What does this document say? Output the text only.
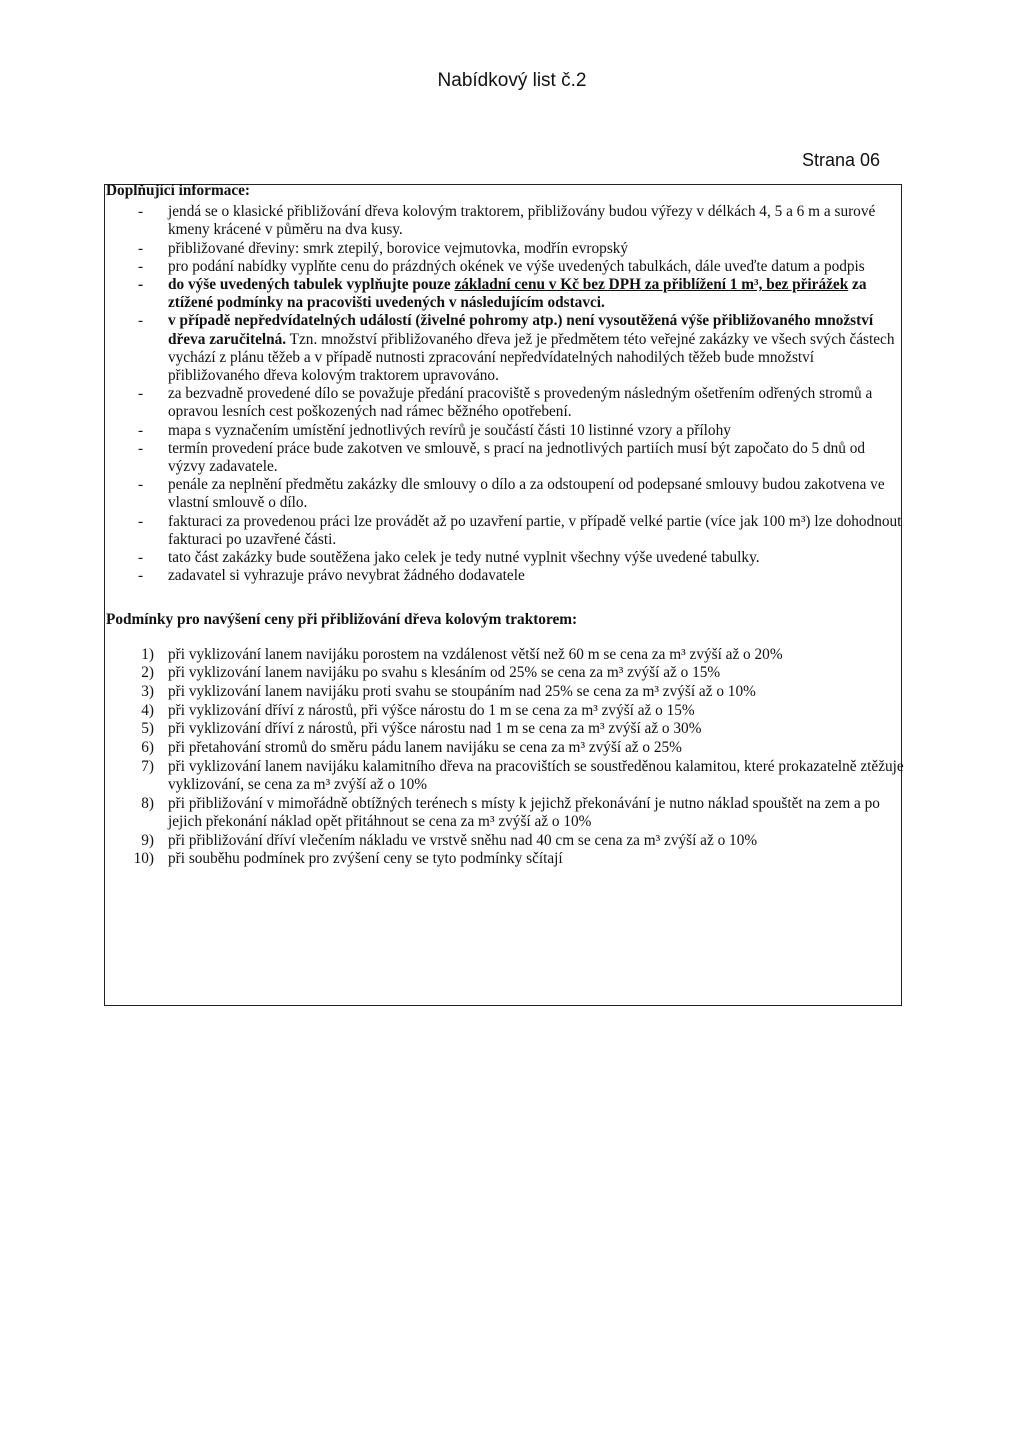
Nabídkový list č.2
Strana 06

Doplňující informace:

- jendá se o klasické přibližování dřeva kolovým traktorem, přibližovány budou výřezy v délkách 4, 5 a 6 m a surové kmeny krácené v půměru na dva kusy.
- přibližované dřeviny: smrk ztepilý, borovice vejmutovka, modřín evropský
- pro podání nabídky vyplňte cenu do prázdných okének ve výše uvedených tabulkách, dále uveďte datum a podpis
- do výše uvedených tabulek vyplňujte pouze základní cenu v Kč bez DPH za přiblížení 1 m³, bez přirážek za ztížené podmínky na pracovišti uvedených v následujícím odstavci.
- v případě nepředvídatelných událostí (živelné pohromy atp.) není vysoutěžená výše přibližovaného množství dřeva zaručitelná. Tzn. množství přibližovaného dřeva jež je předmětem této veřejné zakázky ve všech svých částech vychází z plánu těžeb a v případě nutnosti zpracování nepředvídatelných nahodilých těžeb bude množství přibližovaného dřeva kolovým traktorem upravováno.
- za bezvadně provedené dílo se považuje předání pracoviště s provedeným následným ošetřením odřených stromů a opravou lesních cest poškozených nad rámec běžného opotřebení.
- mapa s vyznačením umístění jednotlivých revírů je součástí části 10 listinné vzory a přílohy
- termín provedení práce bude zakotven ve smlouvě, s prací na jednotlivých partiích musí být započato do 5 dnů od výzvy zadavatele.
- penále za neplnění předmětu zakázky dle smlouvy o dílo a za odstoupení od podepsané smlouvy budou zakotvena ve vlastní smlouvě o dílo.
- fakturaci za provedenou práci lze provádět až po uzavření partie, v případě velké partie (více jak 100 m³) lze dohodnout fakturaci po uzavřené části.
- tato část zakázky bude soutěžena jako celek je tedy nutné vyplnit všechny výše uvedené tabulky.
- zadavatel si vyhrazuje právo nevybrat žádného dodavatele

Podmínky pro navýšení ceny při přibližování dřeva kolovým traktorem:

1) při vyklizování lanem navijáku porostem na vzdálenost větší než 60 m se cena za m³ zvýší až o 20%
2) při vyklizování lanem navijáku po svahu s klesáním od 25% se cena za m³ zvýší až o 15%
3) při vyklizování lanem navijáku proti svahu se stoupáním nad 25% se cena za m³ zvýší až o 10%
4) při vyklizování dříví z nárostů, při výšce nárostu do 1 m se cena za m³ zvýší až o 15%
5) při vyklizování dříví z nárostů, při výšce nárostu nad 1 m se cena za m³ zvýší až o 30%
6) při přetahování stromů do směru pádu lanem navijáku se cena za m³ zvýší až o 25%
7) při vyklizování lanem navijáku kalamitního dřeva na pracovištích se soustředěnou kalamitou, které prokazatelně ztěžuje vyklizování, se cena za m³ zvýší až o 10%
8) při přibližování v mimořádně obtížných terénech s místy k jejichž překonávání je nutno náklad spouštět na zem a po jejich překonání náklad opět přitáhnout se cena za m³ zvýší až o 10%
9) při přibližování dříví vlečením nákladu ve vrstvě sněhu nad 40 cm se cena za m³ zvýší až o 10%
10) při souběhu podmínek pro zvýšení ceny se tyto podmínky sčítají
